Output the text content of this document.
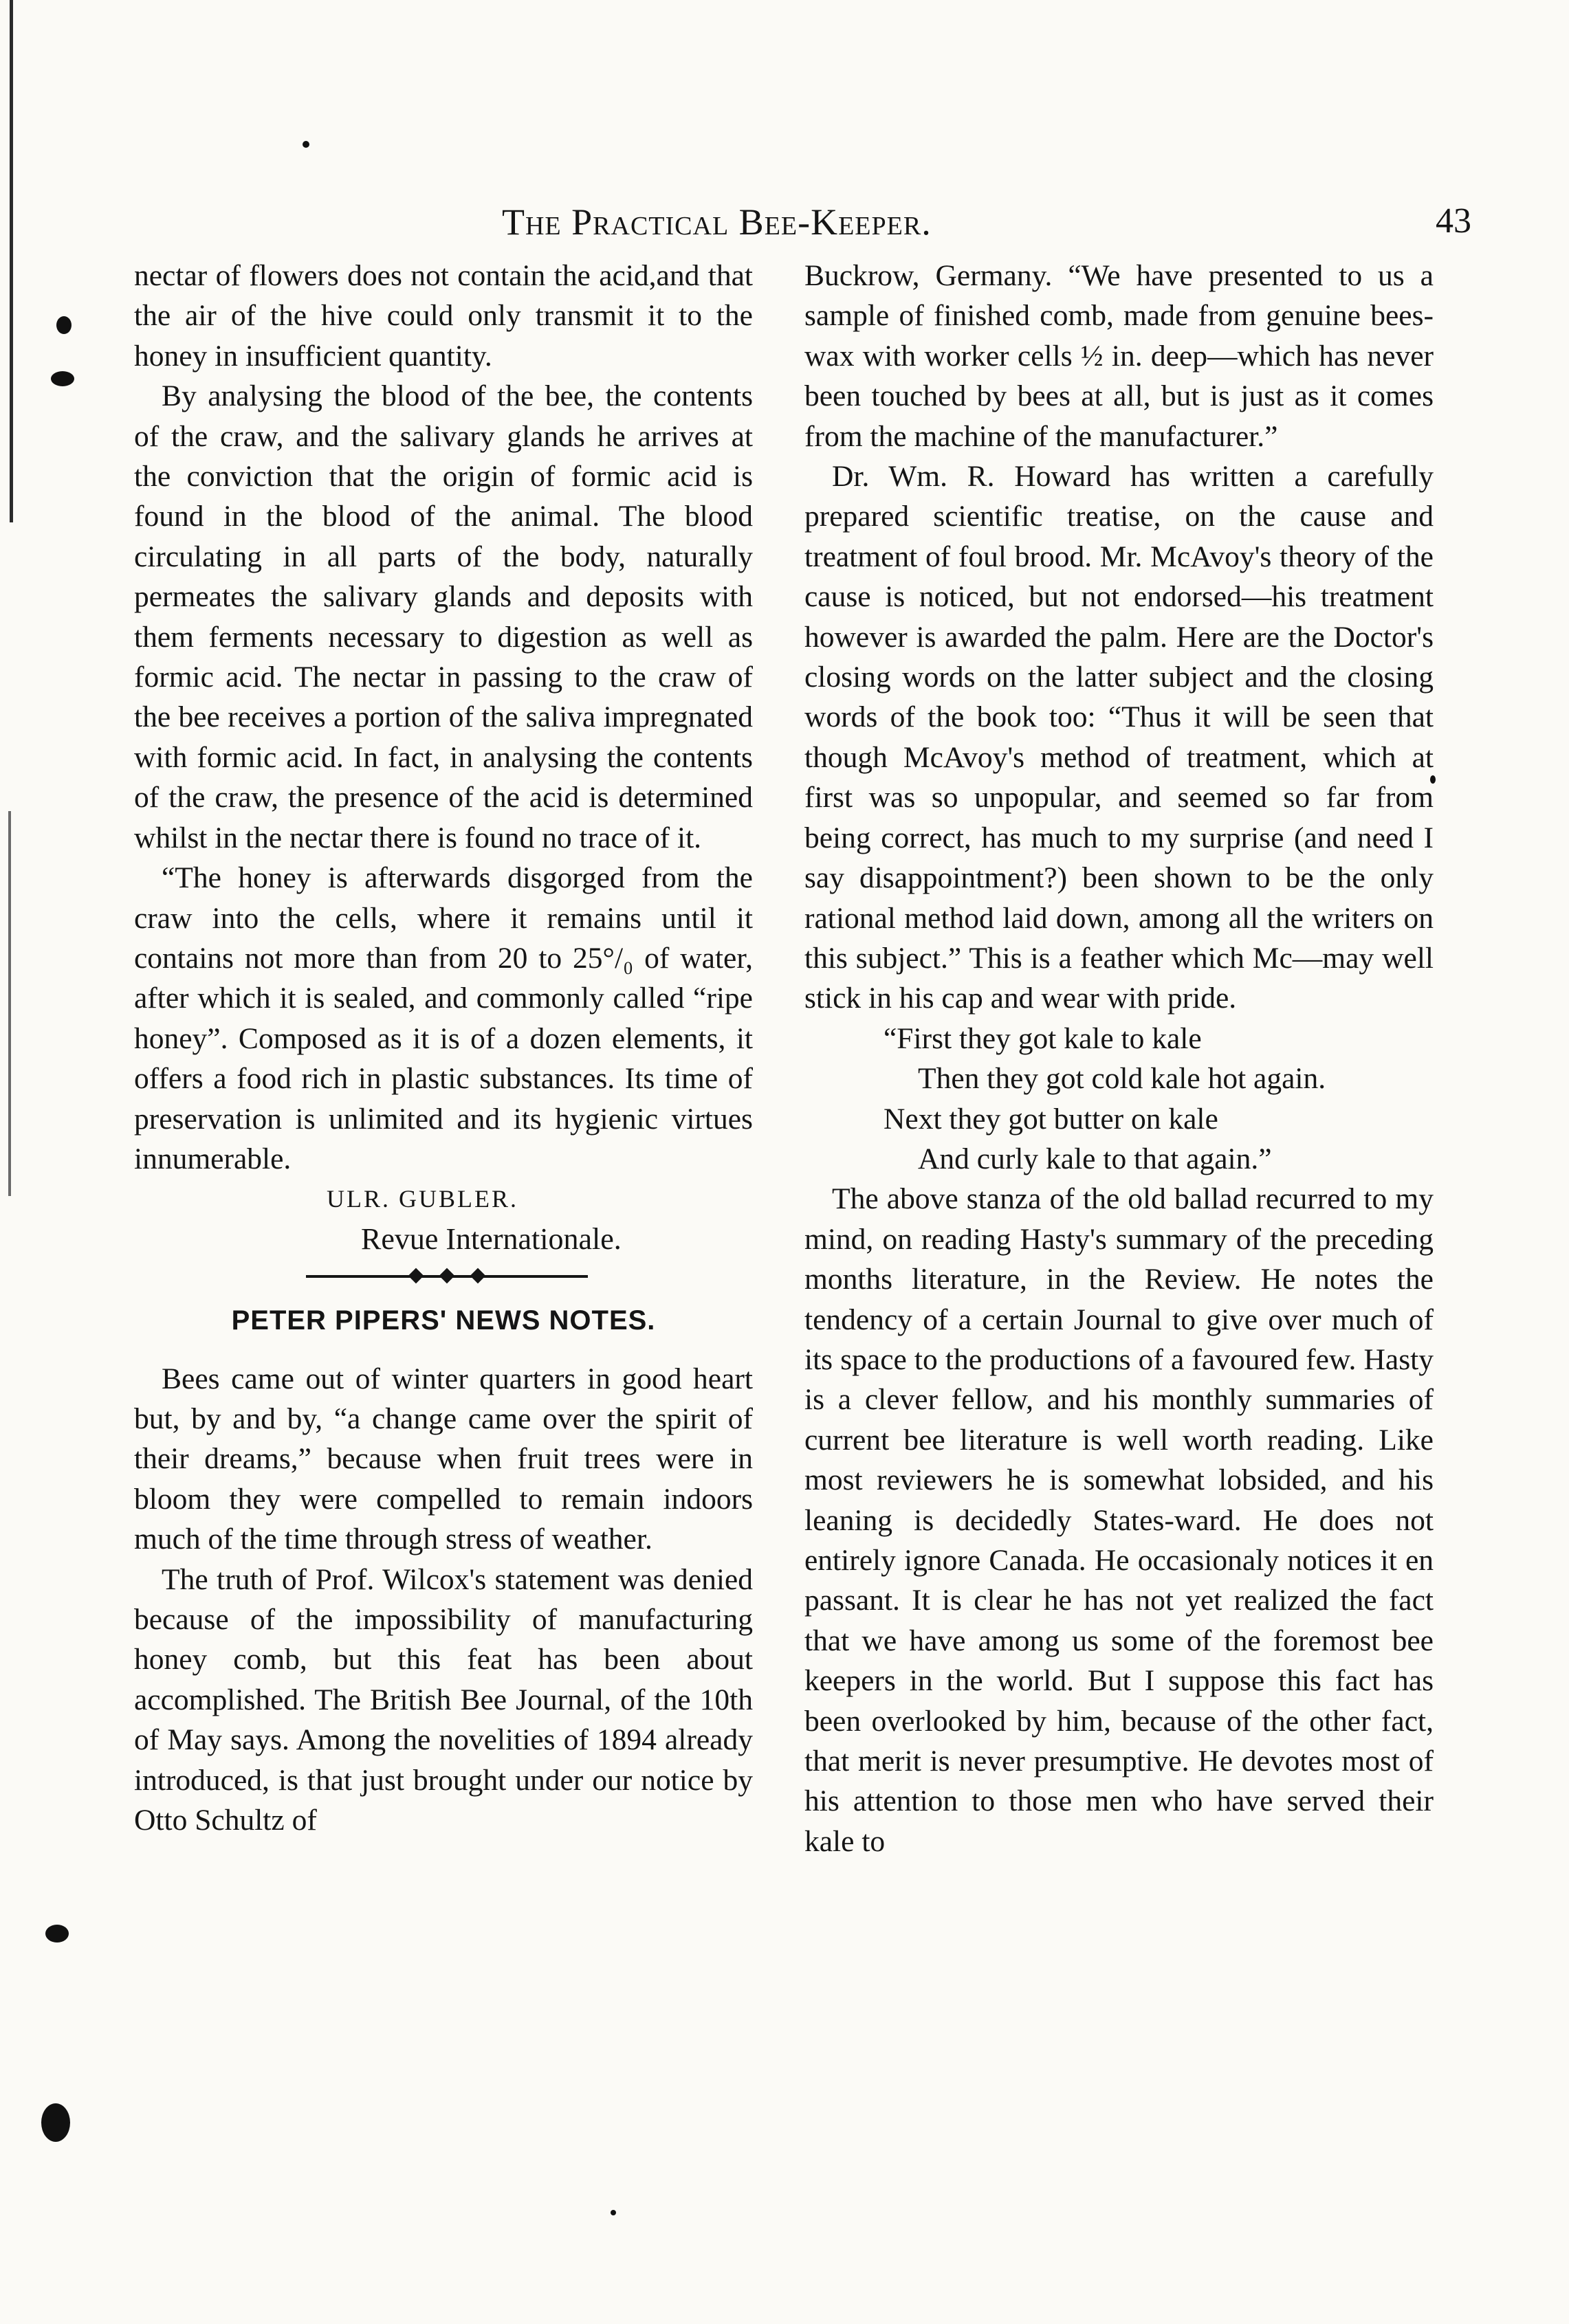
The Practical Bee-Keeper.	43

nectar of flowers does not contain the acid,and that the air of the hive could only transmit it to the honey in insufficient quantity.

By analysing the blood of the bee, the contents of the craw, and the salivary glands he arrives at the conviction that the origin of formic acid is found in the blood of the animal. The blood circulating in all parts of the body, naturally permeates the salivary glands and deposits with them ferments necessary to digestion as well as formic acid. The nectar in passing to the craw of the bee receives a portion of the saliva impregnated with formic acid. In fact, in analysing the contents of the craw, the presence of the acid is determined whilst in the nectar there is found no trace of it.

“The honey is afterwards disgorged from the craw into the cells, where it remains until it contains not more than from 20 to 25°/₀ of water, after which it is sealed, and commonly called “ripe honey”. Composed as it is of a dozen elements, it offers a food rich in plastic substances. Its time of preservation is unlimited and its hygienic virtues innumerable.

ULR. GUBLER.

Revue Internationale.

PETER PIPERS' NEWS NOTES.

Bees came out of winter quarters in good heart but, by and by, “a change came over the spirit of their dreams,” because when fruit trees were in bloom they were compelled to remain indoors much of the time through stress of weather.

The truth of Prof. Wilcox's statement was denied because of the impossibility of manufacturing honey comb, but this feat has been about accomplished. The British Bee Journal, of the 10th of May says. Among the novelities of 1894 already introduced, is that just brought under our notice by Otto Schultz of

Buckrow, Germany. “We have presented to us a sample of finished comb, made from genuine bees-wax with worker cells ½ in. deep—which has never been touched by bees at all, but is just as it comes from the machine of the manufacturer.”

Dr. Wm. R. Howard has written a carefully prepared scientific treatise, on the cause and treatment of foul brood. Mr. McAvoy's theory of the cause is noticed, but not endorsed—his treatment however is awarded the palm. Here are the Doctor's closing words on the latter subject and the closing words of the book too: “Thus it will be seen that though McAvoy's method of treatment, which at first was so unpopular, and seemed so far from being correct, has much to my surprise (and need I say disappointment?) been shown to be the only rational method laid down, among all the writers on this subject.” This is a feather which Mc—may well stick in his cap and wear with pride.

“First they got kale to kale
Then they got cold kale hot again.
Next they got butter on kale
And curly kale to that again.”

The above stanza of the old ballad recurred to my mind, on reading Hasty's summary of the preceding months literature, in the Review. He notes the tendency of a certain Journal to give over much of its space to the productions of a favoured few. Hasty is a clever fellow, and his monthly summaries of current bee literature is well worth reading. Like most reviewers he is somewhat lobsided, and his leaning is decidedly States-ward. He does not entirely ignore Canada. He occasionaly notices it en passant. It is clear he has not yet realized the fact that we have among us some of the foremost bee keepers in the world. But I suppose this fact has been overlooked by him, because of the other fact, that merit is never presumptive. He devotes most of his attention to those men who have served their kale to
